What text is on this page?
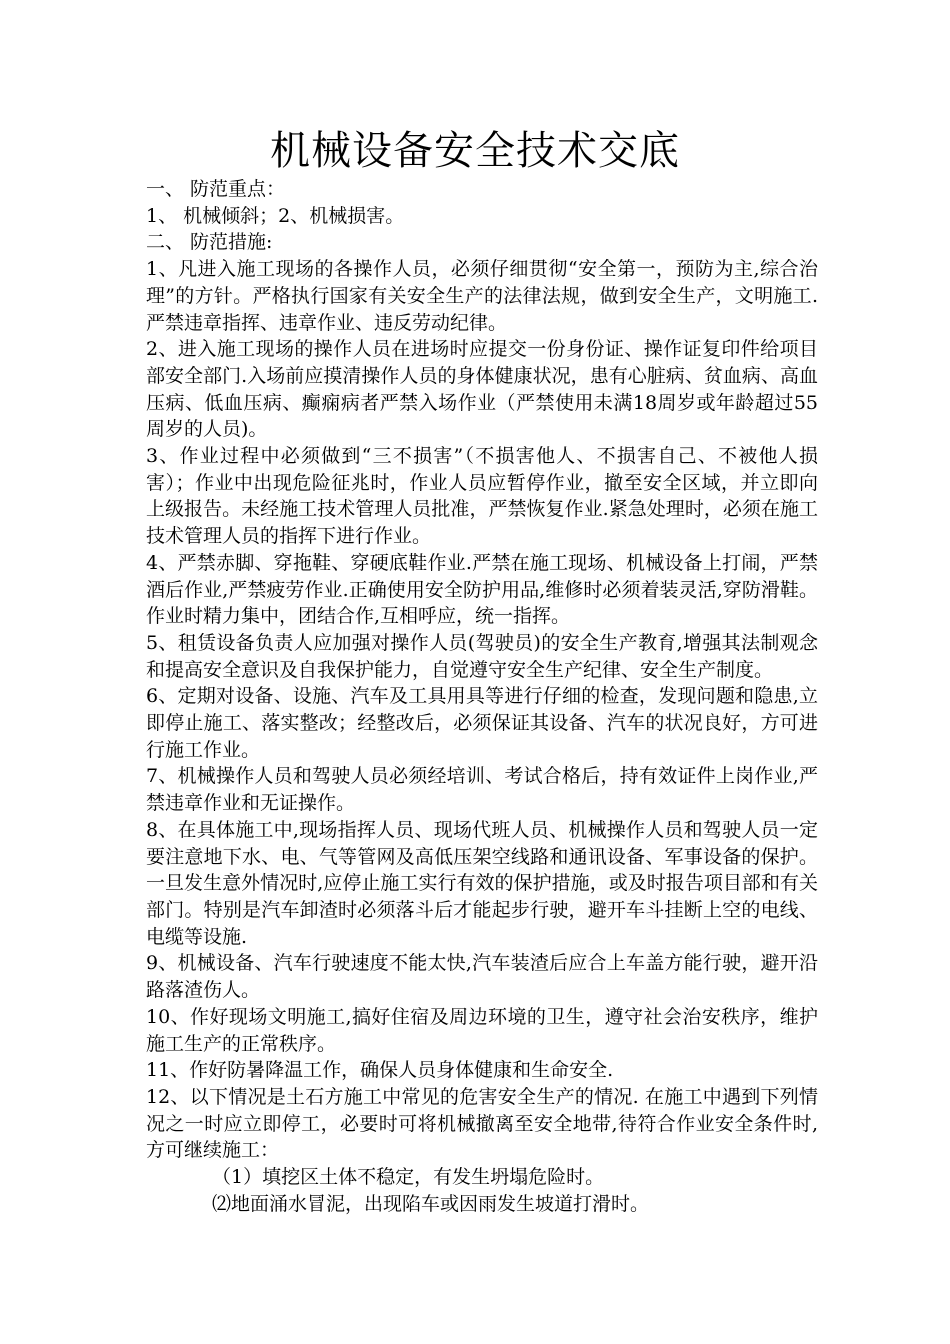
机械设备安全技术交底
一、 防范重点：
1、 机械倾斜；2、机械损害。
二、 防范措施:
1、凡进入施工现场的各操作人员，必须仔细贯彻“安全第一，预防为主,综合治理”的方针。严格执行国家有关安全生产的法律法规，做到安全生产，文明施工.严禁违章指挥、违章作业、违反劳动纪律。
2、进入施工现场的操作人员在进场时应提交一份身份证、操作证复印件给项目部安全部门.入场前应摸清操作人员的身体健康状况，患有心脏病、贫血病、高血压病、低血压病、癫痫病者严禁入场作业（严禁使用未满18周岁或年龄超过55周岁的人员)。
3、作业过程中必须做到“三不损害”（不损害他人、不损害自己、不被他人损害）；作业中出现危险征兆时，作业人员应暂停作业，撤至安全区域，并立即向上级报告。未经施工技术管理人员批准，严禁恢复作业.紧急处理时，必须在施工技术管理人员的指挥下进行作业。
4、严禁赤脚、穿拖鞋、穿硬底鞋作业.严禁在施工现场、机械设备上打闹，严禁酒后作业,严禁疲劳作业.正确使用安全防护用品,维修时必须着装灵活,穿防滑鞋。作业时精力集中，团结合作,互相呼应，统一指挥。
5、租赁设备负责人应加强对操作人员(驾驶员)的安全生产教育,增强其法制观念和提高安全意识及自我保护能力，自觉遵守安全生产纪律、安全生产制度。
6、定期对设备、设施、汽车及工具用具等进行仔细的检查，发现问题和隐患,立即停止施工、落实整改；经整改后，必须保证其设备、汽车的状况良好，方可进行施工作业。
7、机械操作人员和驾驶人员必须经培训、考试合格后，持有效证件上岗作业,严禁违章作业和无证操作。
8、在具体施工中,现场指挥人员、现场代班人员、机械操作人员和驾驶人员一定要注意地下水、电、气等管网及高低压架空线路和通讯设备、军事设备的保护。一旦发生意外情况时,应停止施工实行有效的保护措施，或及时报告项目部和有关部门。特别是汽车卸渣时必须落斗后才能起步行驶，避开车斗挂断上空的电线、电缆等设施.
9、机械设备、汽车行驶速度不能太快,汽车装渣后应合上车盖方能行驶，避开沿路落渣伤人。
10、作好现场文明施工,搞好住宿及周边环境的卫生，遵守社会治安秩序，维护施工生产的正常秩序。
11、作好防暑降温工作，确保人员身体健康和生命安全.
12、以下情况是土石方施工中常见的危害安全生产的情况. 在施工中遇到下列情况之一时应立即停工，必要时可将机械撤离至安全地带,待符合作业安全条件时, 方可继续施工：
（1）填挖区土体不稳定，有发生坍塌危险时。
⑵地面涌水冒泥，出现陷车或因雨发生坡道打滑时。
